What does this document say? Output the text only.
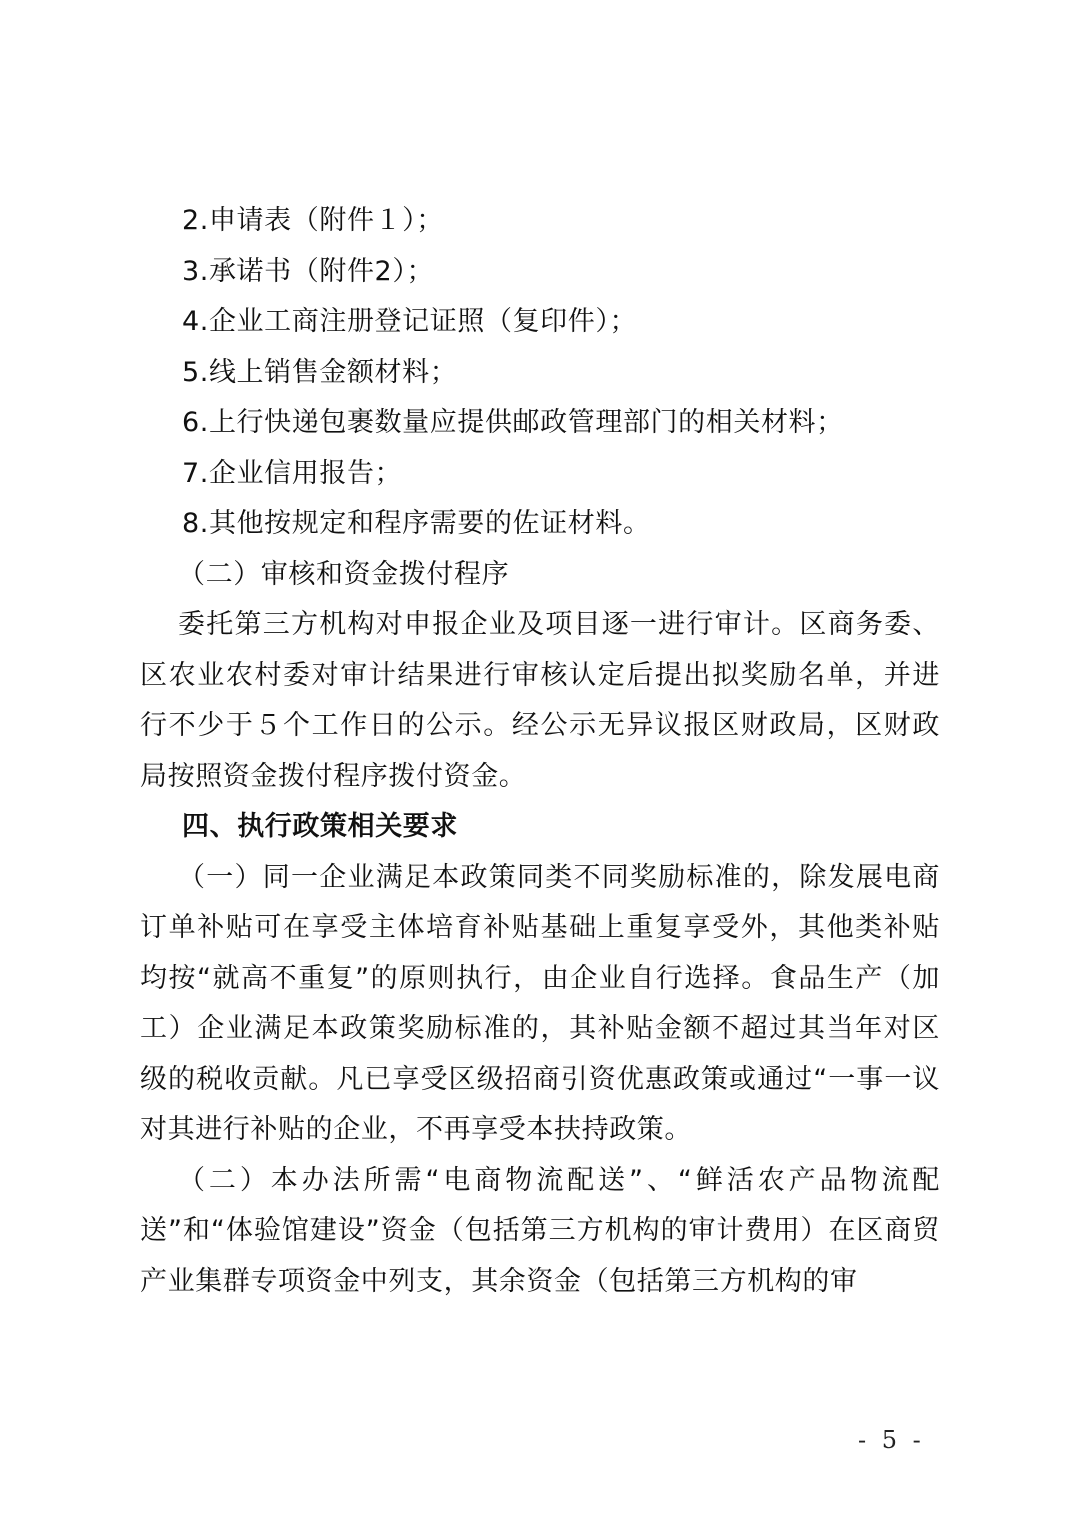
2.申请表（附件１）；

3.承诺书（附件2）；

4.企业工商注册登记证照（复印件）；

5.线上销售金额材料；

6.上行快递包裹数量应提供邮政管理部门的相关材料；

7.企业信用报告；

8.其他按规定和程序需要的佐证材料。

（二）审核和资金拨付程序

委托第三方机构对申报企业及项目逐一进行审计。区商务委、区农业农村委对审计结果进行审核认定后提出拟奖励名单，并进行不少于５个工作日的公示。经公示无异议报区财政局，区财政局按照资金拨付程序拨付资金。

四、执行政策相关要求

（一）同一企业满足本政策同类不同奖励标准的，除发展电商订单补贴可在享受主体培育补贴基础上重复享受外，其他类补贴均按“就高不重复”的原则执行，由企业自行选择。食品生产（加工）企业满足本政策奖励标准的，其补贴金额不超过其当年对区级的税收贡献。凡已享受区级招商引资优惠政策或通过“一事一议对其进行补贴的企业，不再享受本扶持政策。

（二）本办法所需“电商物流配送”、“鲜活农产品物流配送”和“体验馆建设”资金（包括第三方机构的审计费用）在区商贸产业集群专项资金中列支，其余资金（包括第三方机构的审

- 5 -
